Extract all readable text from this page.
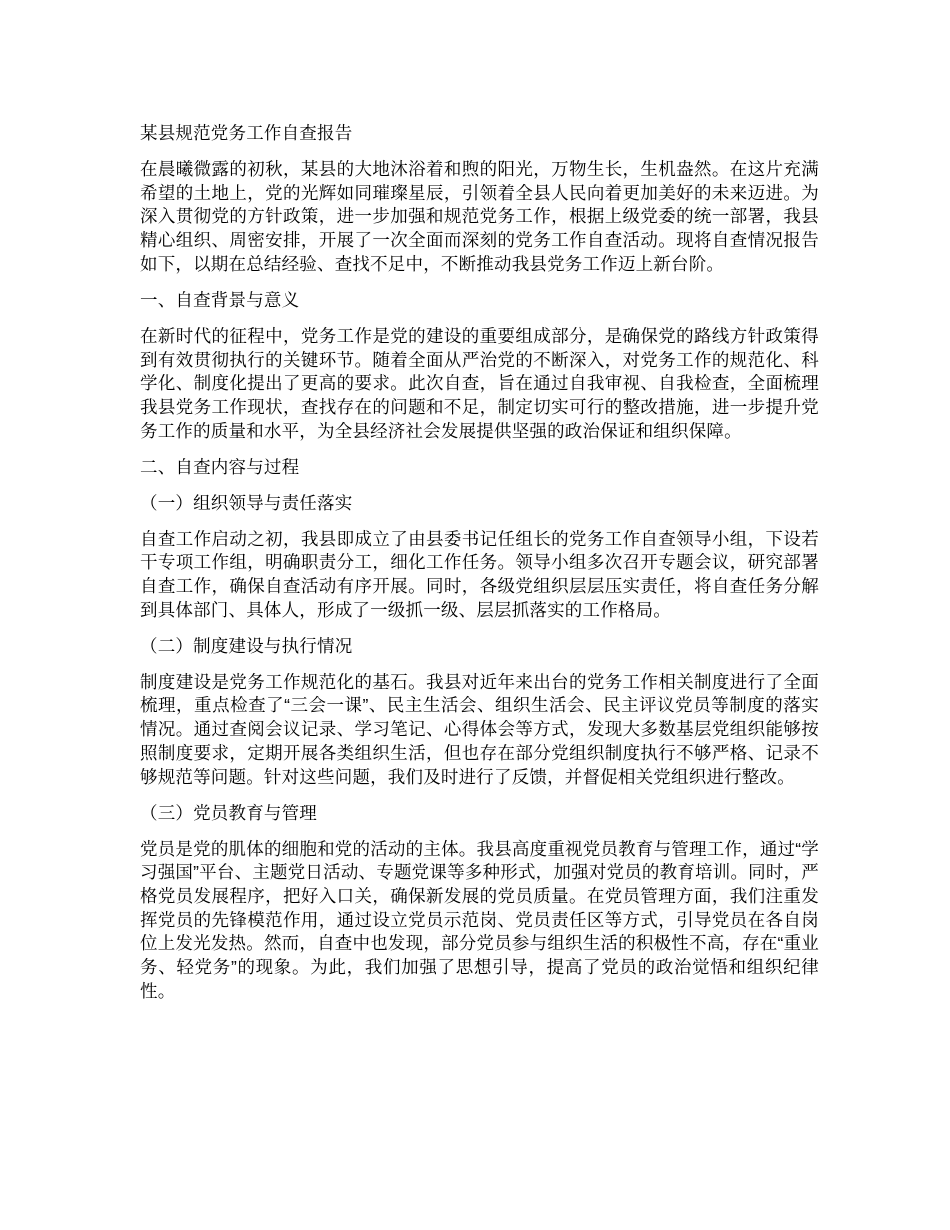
某县规范党务工作自查报告

在晨曦微露的初秋，某县的大地沐浴着和煦的阳光，万物生长，生机盎然。在这片充满希望的土地上，党的光辉如同璀璨星辰，引领着全县人民向着更加美好的未来迈进。为深入贯彻党的方针政策，进一步加强和规范党务工作，根据上级党委的统一部署，我县精心组织、周密安排，开展了一次全面而深刻的党务工作自查活动。现将自查情况报告如下，以期在总结经验、查找不足中，不断推动我县党务工作迈上新台阶。

一、自查背景与意义

在新时代的征程中，党务工作是党的建设的重要组成部分，是确保党的路线方针政策得到有效贯彻执行的关键环节。随着全面从严治党的不断深入，对党务工作的规范化、科学化、制度化提出了更高的要求。此次自查，旨在通过自我审视、自我检查，全面梳理我县党务工作现状，查找存在的问题和不足，制定切实可行的整改措施，进一步提升党务工作的质量和水平，为全县经济社会发展提供坚强的政治保证和组织保障。

二、自查内容与过程
（一）组织领导与责任落实

自查工作启动之初，我县即成立了由县委书记任组长的党务工作自查领导小组，下设若干专项工作组，明确职责分工，细化工作任务。领导小组多次召开专题会议，研究部署自查工作，确保自查活动有序开展。同时，各级党组织层层压实责任，将自查任务分解到具体部门、具体人，形成了一级抓一级、层层抓落实的工作格局。

（二）制度建设与执行情况

制度建设是党务工作规范化的基石。我县对近年来出台的党务工作相关制度进行了全面梳理，重点检查了“三会一课”、民主生活会、组织生活会、民主评议党员等制度的落实情况。通过查阅会议记录、学习笔记、心得体会等方式，发现大多数基层党组织能够按照制度要求，定期开展各类组织生活，但也存在部分党组织制度执行不够严格、记录不够规范等问题。针对这些问题，我们及时进行了反馈，并督促相关党组织进行整改。

（三）党员教育与管理

党员是党的肌体的细胞和党的活动的主体。我县高度重视党员教育与管理工作，通过“学习强国”平台、主题党日活动、专题党课等多种形式，加强对党员的教育培训。同时，严格党员发展程序，把好入口关，确保新发展的党员质量。在党员管理方面，我们注重发挥党员的先锋模范作用，通过设立党员示范岗、党员责任区等方式，引导党员在各自岗位上发光发热。然而，自查中也发现，部分党员参与组织生活的积极性不高，存在“重业务、轻党务”的现象。为此，我们加强了思想引导，提高了党员的政治觉悟和组织纪律性。
